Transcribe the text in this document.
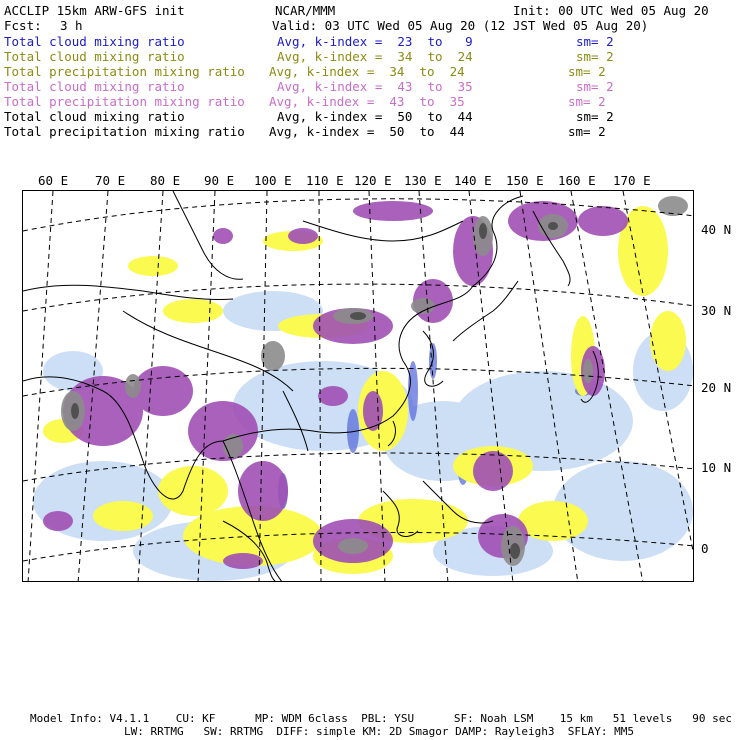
ACCLIP 15km ARW-GFS init	NCAR/MMM	Init: 00 UTC Wed 05 Aug 20
Fcst: 3 h	Valid: 03 UTC Wed 05 Aug 20 (12 JST Wed 05 Aug 20)
Total cloud mixing ratio	Avg, k-index =  23  to   9	sm= 2
Total cloud mixing ratio	Avg, k-index =  34  to  24	sm= 2
Total precipitation mixing ratio Avg, k-index =  34  to  24	sm= 2
Total cloud mixing ratio	Avg, k-index =  43  to  35	sm= 2
Total precipitation mixing ratio Avg, k-index =  43  to  35	sm= 2
Total cloud mixing ratio	Avg, k-index =  50  to  44	sm= 2
Total precipitation mixing ratio Avg, k-index =  50  to  44	sm= 2
60 E 70 E 80 E 90 E 100 E 110 E 120 E 130 E 140 E 150 E 160 E 170 E
40 N
30 N
20 N
10 N
0
Model Info: V4.1.1    CU: KF      MP: WDM 6class  PBL: YSU      SF: Noah LSM    15 km   51 levels   90 sec
LW: RRTMG   SW: RRTMG  DIFF: simple KM: 2D Smagor DAMP: Rayleigh3  SFLAY: MM5
